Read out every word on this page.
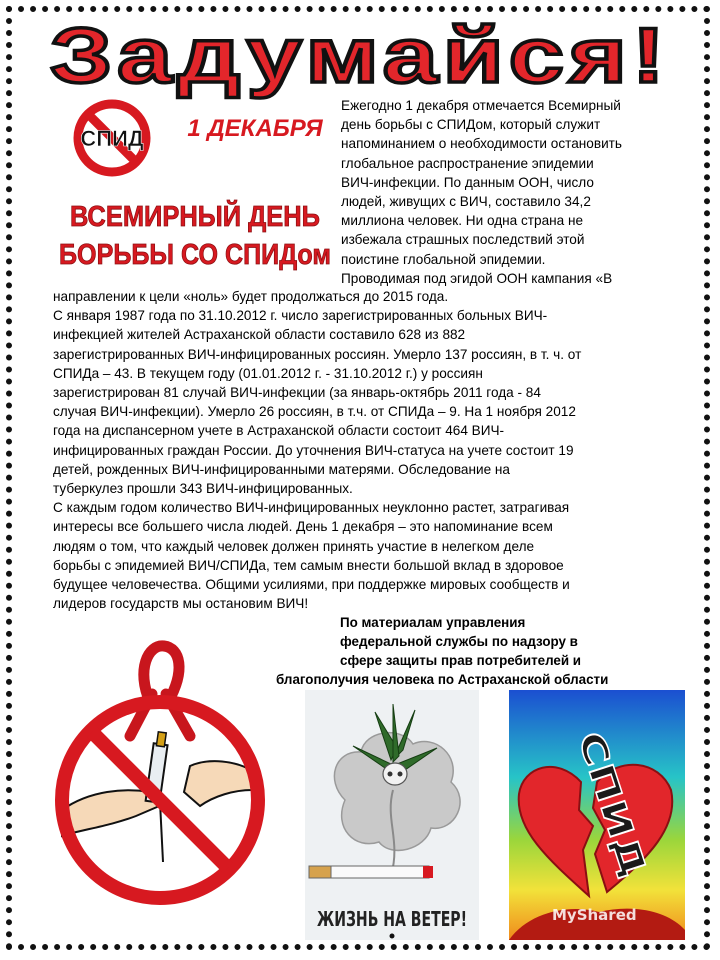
Задумайся!
СПИД 1 ДЕКАБРЯ
ВСЕМИРНЫЙ ДЕНЬ
БОРЬБЫ СО СПИДом

Ежегодно 1 декабря отмечается Всемирный

день борьбы с СПИДом, который служит

напоминанием о необходимости остановить

глобальное распространение эпидемии

ВИЧ-инфекции. По данным ООН, число

людей, живущих с ВИЧ, составило 34,2

миллиона человек. Ни одна страна не

избежала страшных последствий этой

поистине глобальной эпидемии.

Проводимая под эгидой ООН кампания «В

направлении к цели «ноль» будет продолжаться до 2015 года.

С января 1987 года по 31.10.2012 г. число зарегистрированных больных ВИЧ-

инфекцией жителей Астраханской области составило 628 из 882

зарегистрированных ВИЧ-инфицированных россиян. Умерло 137 россиян, в т. ч. от

СПИДа – 43. В текущем году (01.01.2012 г. - 31.10.2012 г.) у россиян

зарегистрирован 81 случай ВИЧ-инфекции (за январь-октябрь 2011 года - 84

случая ВИЧ-инфекции). Умерло 26 россиян, в т.ч. от СПИДа – 9. На 1 ноября 2012

года на диспансерном учете в Астраханской области состоит 464 ВИЧ-

инфицированных граждан России. До уточнения ВИЧ-статуса на учете состоит 19

детей, рожденных ВИЧ-инфицированными матерями. Обследование на

туберкулез прошли 343 ВИЧ-инфицированных.

С каждым годом количество ВИЧ-инфицированных неуклонно растет, затрагивая

интересы все большего числа людей. День 1 декабря – это напоминание всем

людям о том, что каждый человек должен принять участие в нелегком деле

борьбы с эпидемией ВИЧ/СПИДа, тем самым внести большой вклад в здоровое

будущее человечества. Общими усилиями, при поддержке мировых сообществ и

лидеров государств мы остановим ВИЧ!

По материалам управления
федеральной службы по надзору в
сфере защиты прав потребителей и
благополучия человека по Астраханской области
ЖИЗНЬ НА ВЕТЕР!
СПИД
MyShared
